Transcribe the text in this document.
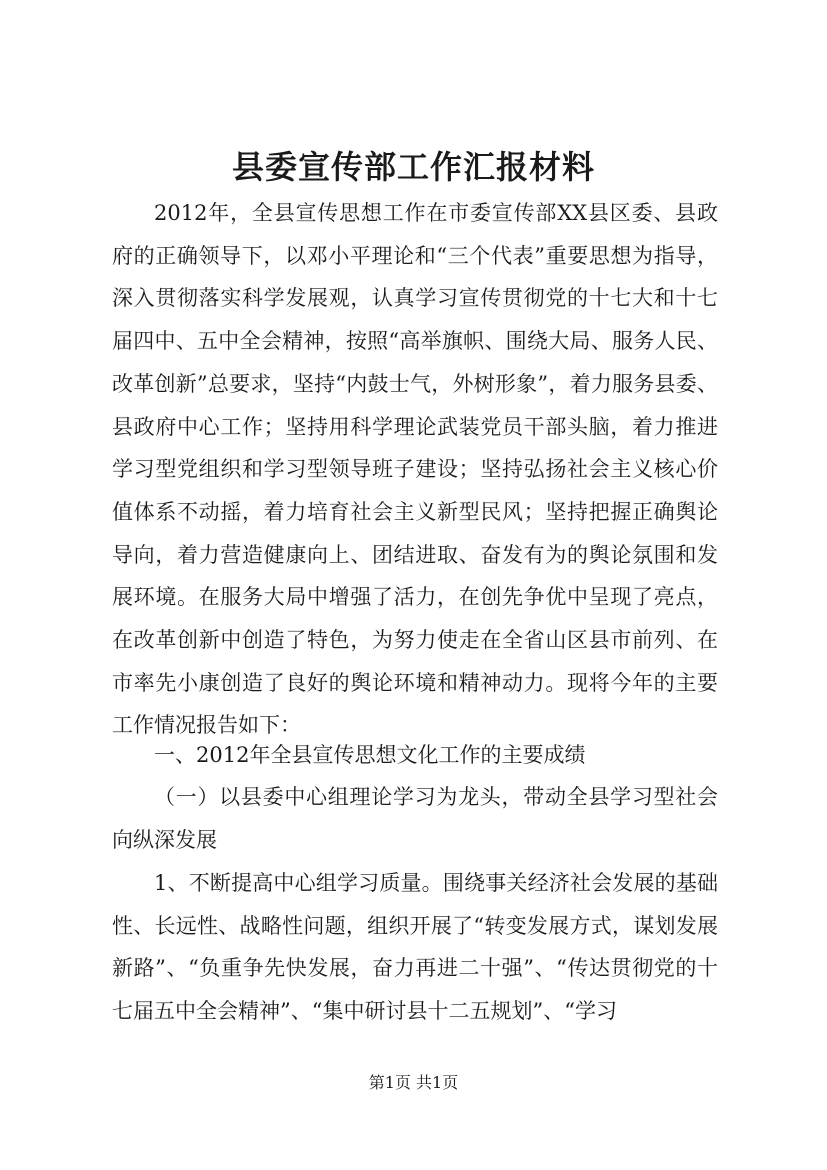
县委宣传部工作汇报材料
2012年，全县宣传思想工作在市委宣传部XX县区委、县政府的正确领导下，以邓小平理论和“三个代表”重要思想为指导，深入贯彻落实科学发展观，认真学习宣传贯彻党的十七大和十七届四中、五中全会精神，按照“高举旗帜、围绕大局、服务人民、改革创新”总要求，坚持“内鼓士气，外树形象”，着力服务县委、县政府中心工作；坚持用科学理论武装党员干部头脑，着力推进学习型党组织和学习型领导班子建设；坚持弘扬社会主义核心价值体系不动摇，着力培育社会主义新型民风；坚持把握正确舆论导向，着力营造健康向上、团结进取、奋发有为的舆论氛围和发展环境。在服务大局中增强了活力，在创先争优中呈现了亮点，在改革创新中创造了特色，为努力使走在全省山区县市前列、在市率先小康创造了良好的舆论环境和精神动力。现将今年的主要工作情况报告如下：
一、2012年全县宣传思想文化工作的主要成绩
（一）以县委中心组理论学习为龙头，带动全县学习型社会向纵深发展
1、不断提高中心组学习质量。围绕事关经济社会发展的基础性、长远性、战略性问题，组织开展了“转变发展方式，谋划发展新路”、“负重争先快发展，奋力再进二十强”、“传达贯彻党的十七届五中全会精神”、“集中研讨县十二五规划”、“学习
第1页 共1页
